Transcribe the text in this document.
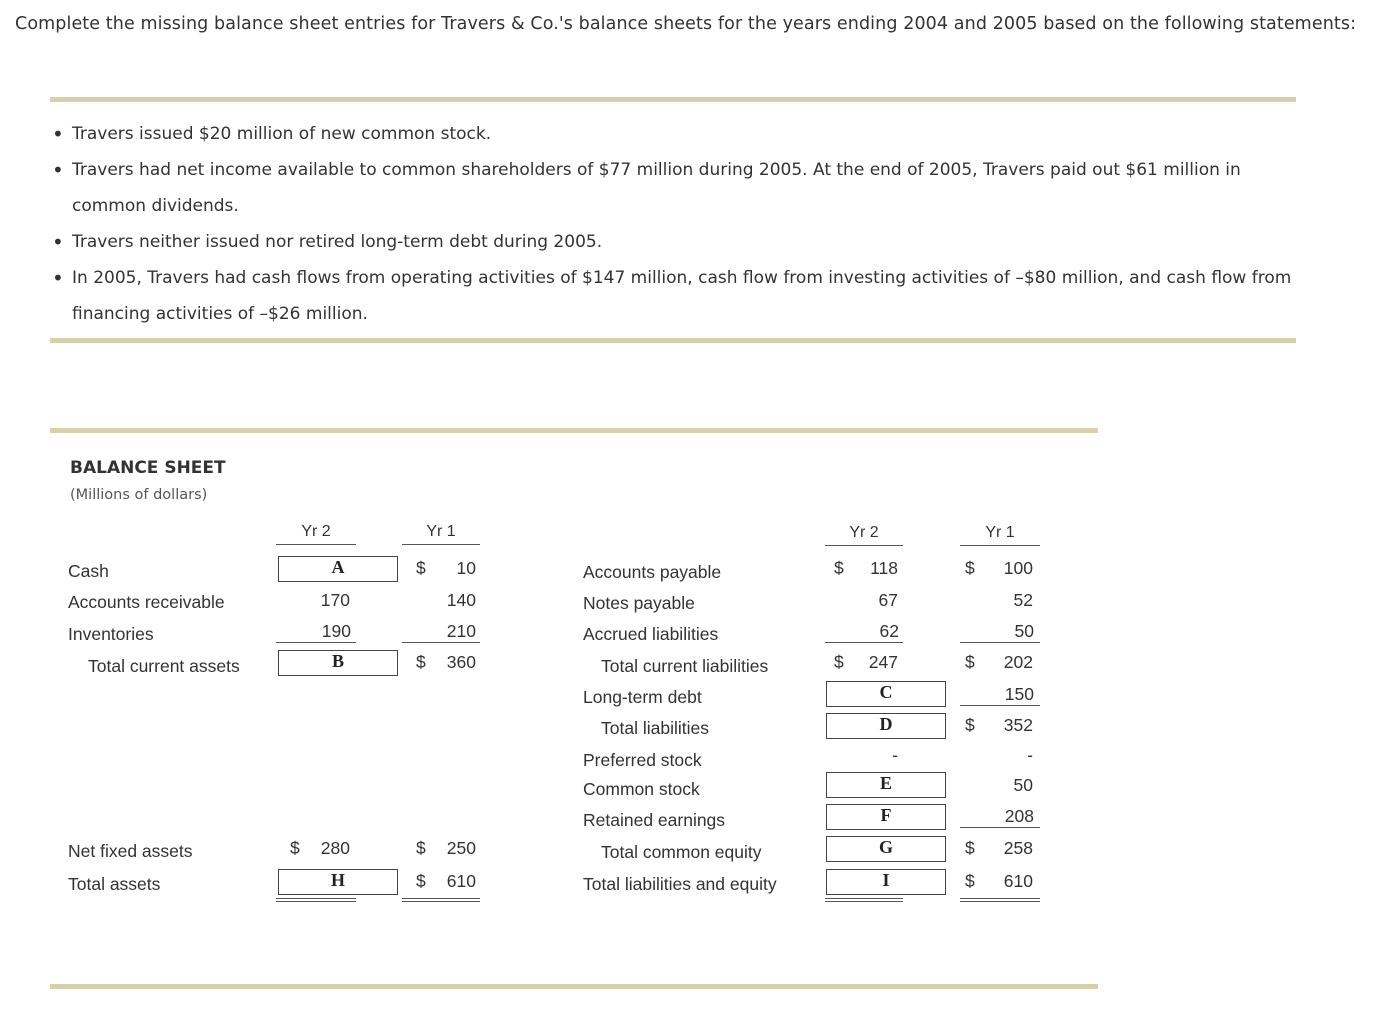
Complete the missing balance sheet entries for Travers & Co.'s balance sheets for the years ending 2004 and 2005 based on the following statements:
• Travers issued $20 million of new common stock.
• Travers had net income available to common shareholders of $77 million during 2005. At the end of 2005, Travers paid out $61 million in common dividends.
• Travers neither issued nor retired long-term debt during 2005.
• In 2005, Travers had cash flows from operating activities of $147 million, cash flow from investing activities of –$80 million, and cash flow from financing activities of –$26 million.
BALANCE SHEET
(Millions of dollars)
Yr 2	Yr 1	Yr 2	Yr 1
Cash	A	$ 10
Accounts receivable	170	140
Inventories	190	210
Total current assets	B	$ 360
Net fixed assets	$ 280	$ 250
Total assets	H	$ 610
Accounts payable	$ 118	$ 100
Notes payable	67	52
Accrued liabilities	62	50
Total current liabilities	$ 247	$ 202
Long-term debt	C	150
Total liabilities	D	$ 352
Preferred stock	-	-
Common stock	E	50
Retained earnings	F	208
Total common equity	G	$ 258
Total liabilities and equity	I	$ 610
